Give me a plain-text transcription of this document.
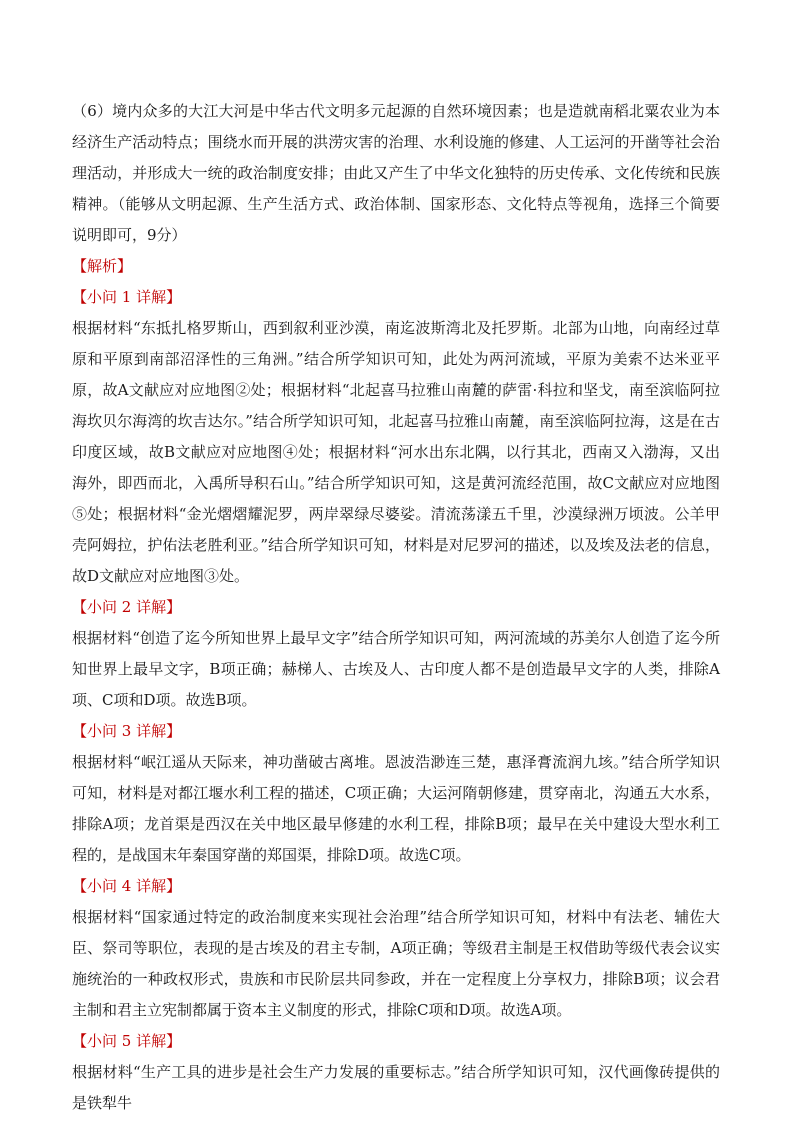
（6）境内众多的大江大河是中华古代文明多元起源的自然环境因素；也是造就南稻北粟农业为本经济生产活动特点；围绕水而开展的洪涝灾害的治理、水利设施的修建、人工运河的开凿等社会治理活动，并形成大一统的政治制度安排；由此又产生了中华文化独特的历史传承、文化传统和民族精神。（能够从文明起源、生产生活方式、政治体制、国家形态、文化特点等视角，选择三个简要说明即可，9分）

【解析】

【小问 1 详解】

根据材料“东抵扎格罗斯山，西到叙利亚沙漠，南迄波斯湾北及托罗斯。北部为山地，向南经过草原和平原到南部沼泽性的三角洲。”结合所学知识可知，此处为两河流域，平原为美索不达米亚平原，故A文献应对应地图②处；根据材料“北起喜马拉雅山南麓的萨雷·科拉和坚戈，南至滨临阿拉海坎贝尔海湾的坎吉达尔。”结合所学知识可知，北起喜马拉雅山南麓，南至滨临阿拉海，这是在古印度区域，故B文献应对应地图④处；根据材料“河水出东北隅，以行其北，西南又入渤海，又出海外，即西而北，入禹所导积石山。”结合所学知识可知，这是黄河流经范围，故C文献应对应地图⑤处；根据材料“金光熠熠耀泥罗，两岸翠绿尽婆娑。清流荡漾五千里，沙漠绿洲万顷波。公羊甲壳阿姆拉，护佑法老胜利亚。”结合所学知识可知，材料是对尼罗河的描述，以及埃及法老的信息，故D文献应对应地图③处。

【小问 2 详解】

根据材料“创造了迄今所知世界上最早文字”结合所学知识可知，两河流域的苏美尔人创造了迄今所知世界上最早文字，B项正确；赫梯人、古埃及人、古印度人都不是创造最早文字的人类，排除A项、C项和D项。故选B项。

【小问 3 详解】

根据材料“岷江遥从天际来，神功凿破古离堆。恩波浩渺连三楚，惠泽膏流润九垓。”结合所学知识可知，材料是对都江堰水利工程的描述，C项正确；大运河隋朝修建，贯穿南北，沟通五大水系，排除A项；龙首渠是西汉在关中地区最早修建的水利工程，排除B项；最早在关中建设大型水利工程的，是战国末年秦国穿凿的郑国渠，排除D项。故选C项。

【小问 4 详解】

根据材料“国家通过特定的政治制度来实现社会治理”结合所学知识可知，材料中有法老、辅佐大臣、祭司等职位，表现的是古埃及的君主专制，A项正确；等级君主制是王权借助等级代表会议实施统治的一种政权形式，贵族和市民阶层共同参政，并在一定程度上分享权力，排除B项；议会君主制和君主立宪制都属于资本主义制度的形式，排除C项和D项。故选A项。

【小问 5 详解】

根据材料“生产工具的进步是社会生产力发展的重要标志。”结合所学知识可知，汉代画像砖提供的是铁犁牛
